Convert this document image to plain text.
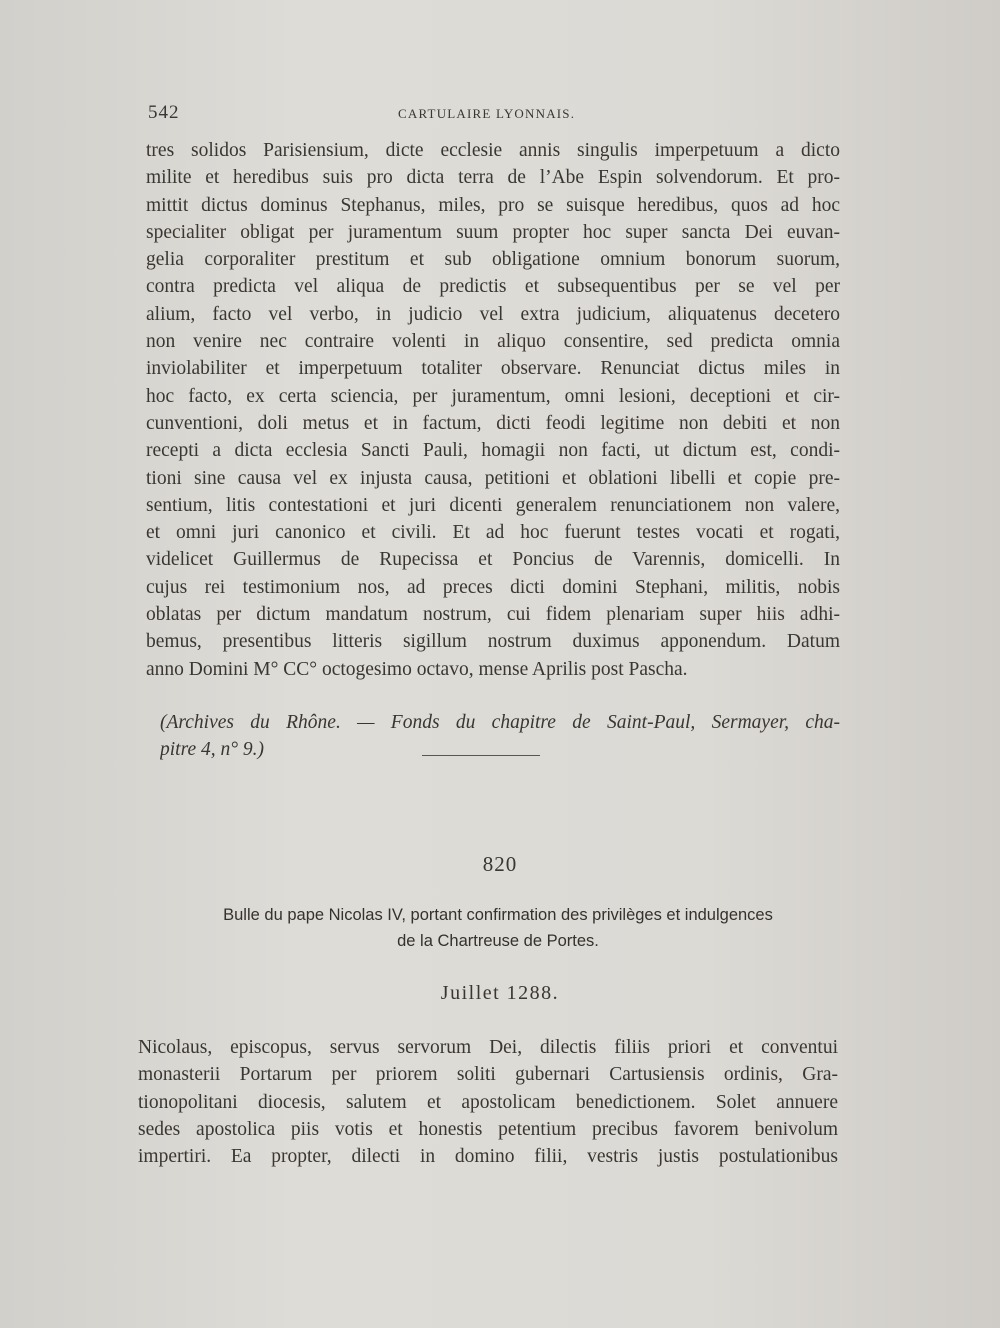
542	CARTULAIRE LYONNAIS.
tres solidos Parisiensium, dicte ecclesie annis singulis imperpetuum a dicto
milite et heredibus suis pro dicta terra de l’Abe Espin solvendorum. Et pro-
mittit dictus dominus Stephanus, miles, pro se suisque heredibus, quos ad hoc
specialiter obligat per juramentum suum propter hoc super sancta Dei euvan-
gelia corporaliter prestitum et sub obligatione omnium bonorum suorum,
contra predicta vel aliqua de predictis et subsequentibus per se vel per
alium, facto vel verbo, in judicio vel extra judicium, aliquatenus decetero
non venire nec contraire volenti in aliquo consentire, sed predicta omnia
inviolabiliter et imperpetuum totaliter observare. Renunciat dictus miles in
hoc facto, ex certa sciencia, per juramentum, omni lesioni, deceptioni et cir-
cunventioni, doli metus et in factum, dicti feodi legitime non debiti et non
recepti a dicta ecclesia Sancti Pauli, homagii non facti, ut dictum est, condi-
tioni sine causa vel ex injusta causa, petitioni et oblationi libelli et copie pre-
sentium, litis contestationi et juri dicenti generalem renunciationem non valere,
et omni juri canonico et civili. Et ad hoc fuerunt testes vocati et rogati,
videlicet Guillermus de Rupecissa et Poncius de Varennis, domicelli. In
cujus rei testimonium nos, ad preces dicti domini Stephani, militis, nobis
oblatas per dictum mandatum nostrum, cui fidem plenariam super hiis adhi-
bemus, presentibus litteris sigillum nostrum duximus apponendum. Datum
anno Domini M° CC° octogesimo octavo, mense Aprilis post Pascha.
(Archives du Rhône. — Fonds du chapitre de Saint-Paul, Sermayer, cha-
pitre 4, n° 9.)
820
Bulle du pape Nicolas IV, portant confirmation des privilèges et indulgences
de la Chartreuse de Portes.
Juillet 1288.
Nicolaus, episcopus, servus servorum Dei, dilectis filiis priori et conventui
monasterii Portarum per priorem soliti gubernari Cartusiensis ordinis, Gra-
tionopolitani diocesis, salutem et apostolicam benedictionem. Solet annuere
sedes apostolica piis votis et honestis petentium precibus favorem benivolum
impertiri. Ea propter, dilecti in domino filii, vestris justis postulationibus
